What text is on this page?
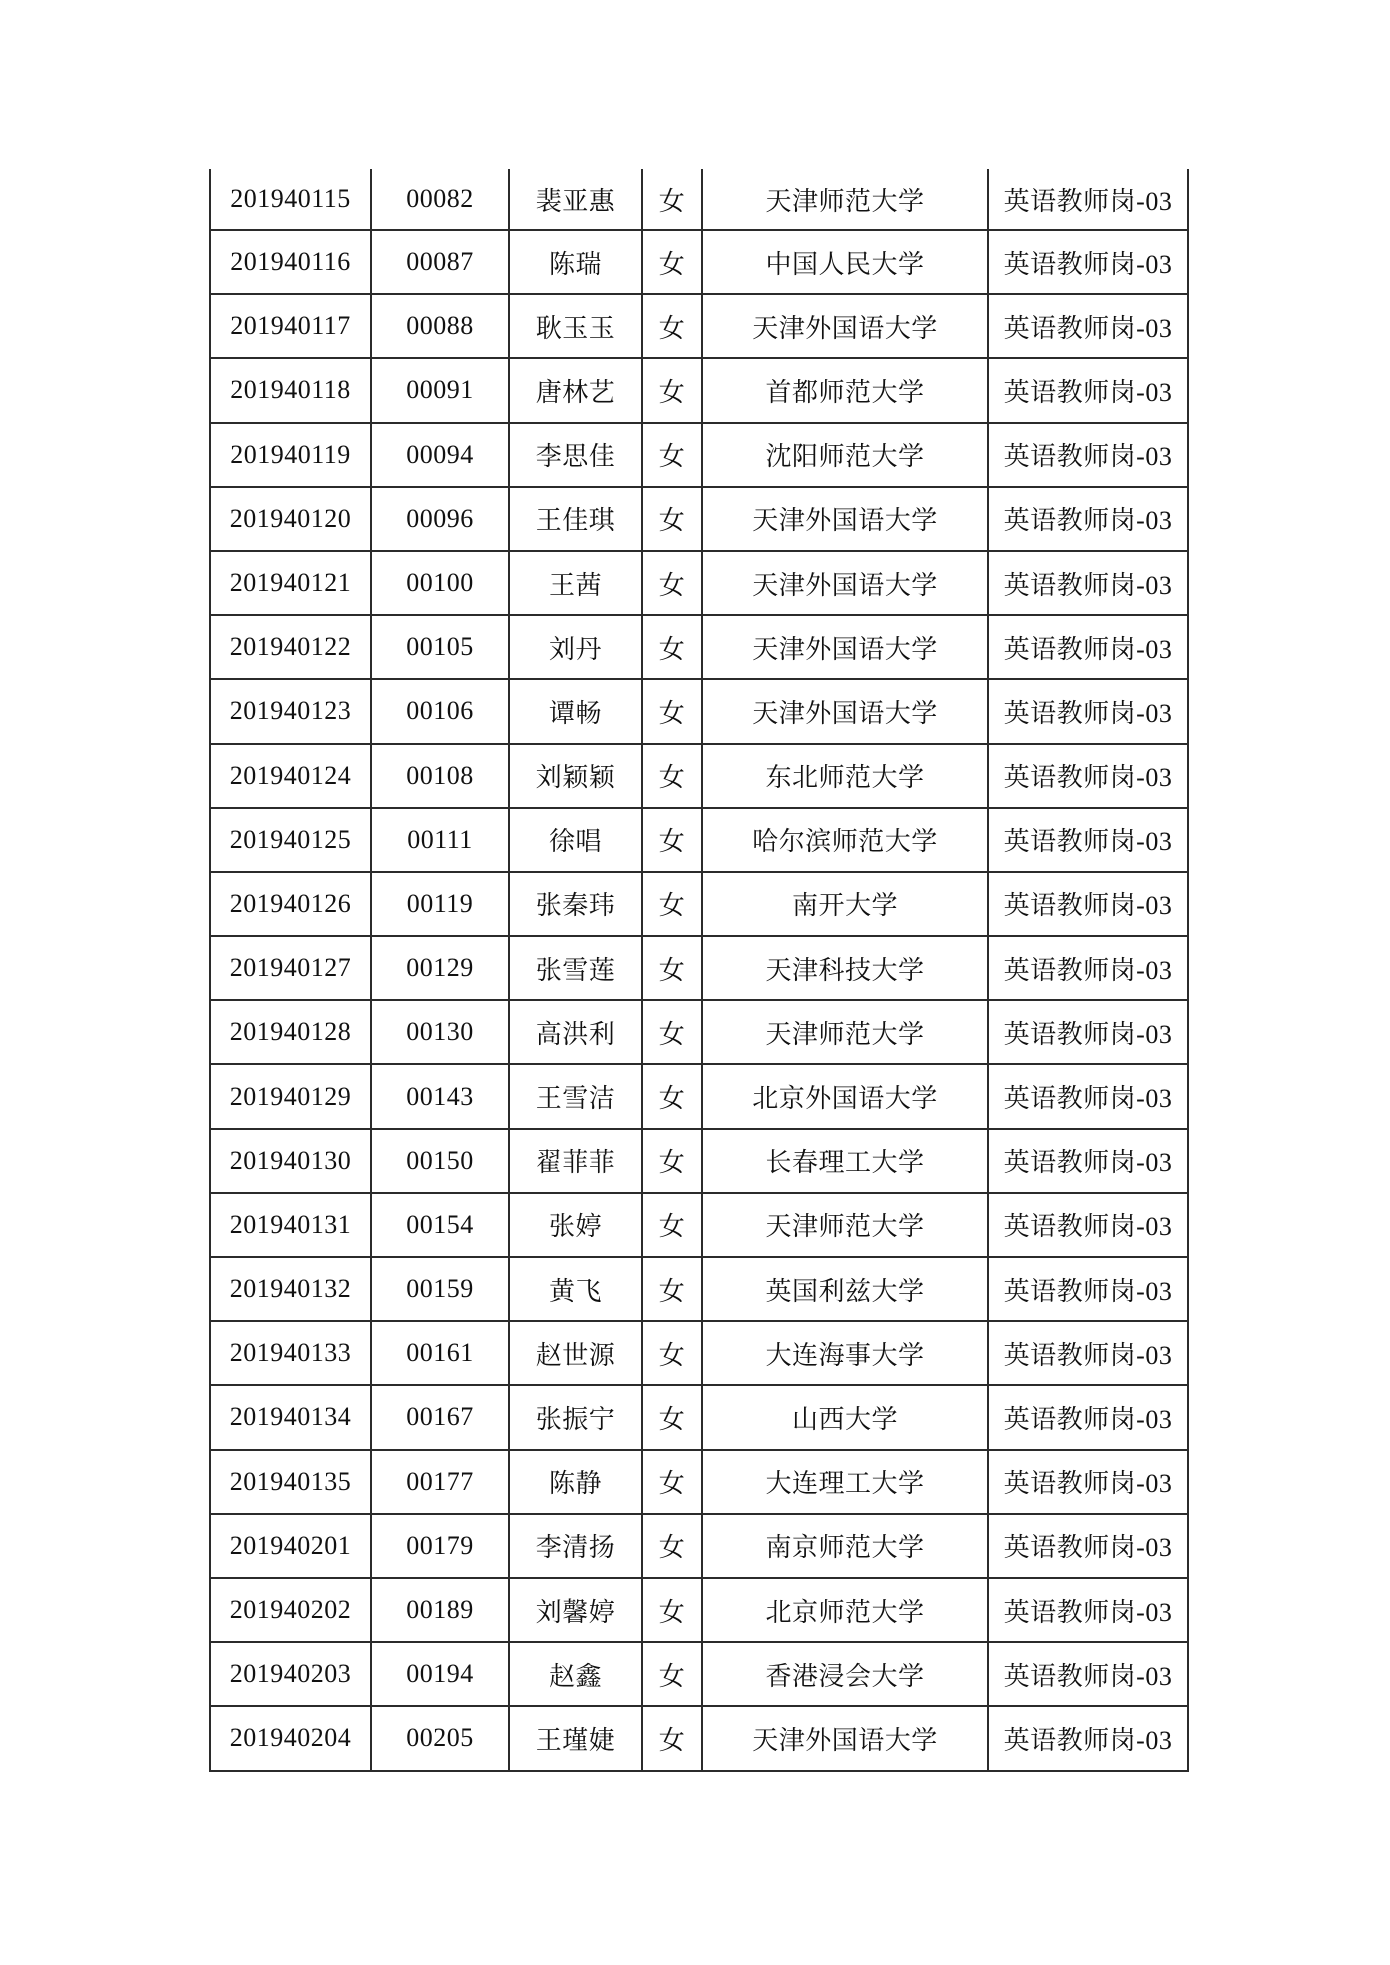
201940115	00082	裴亚惠	女	天津师范大学	英语教师岗-03
201940116	00087	陈瑞	女	中国人民大学	英语教师岗-03
201940117	00088	耿玉玉	女	天津外国语大学	英语教师岗-03
201940118	00091	唐林艺	女	首都师范大学	英语教师岗-03
201940119	00094	李思佳	女	沈阳师范大学	英语教师岗-03
201940120	00096	王佳琪	女	天津外国语大学	英语教师岗-03
201940121	00100	王茜	女	天津外国语大学	英语教师岗-03
201940122	00105	刘丹	女	天津外国语大学	英语教师岗-03
201940123	00106	谭畅	女	天津外国语大学	英语教师岗-03
201940124	00108	刘颖颖	女	东北师范大学	英语教师岗-03
201940125	00111	徐唱	女	哈尔滨师范大学	英语教师岗-03
201940126	00119	张秦玮	女	南开大学	英语教师岗-03
201940127	00129	张雪莲	女	天津科技大学	英语教师岗-03
201940128	00130	高洪利	女	天津师范大学	英语教师岗-03
201940129	00143	王雪洁	女	北京外国语大学	英语教师岗-03
201940130	00150	翟菲菲	女	长春理工大学	英语教师岗-03
201940131	00154	张婷	女	天津师范大学	英语教师岗-03
201940132	00159	黄飞	女	英国利兹大学	英语教师岗-03
201940133	00161	赵世源	女	大连海事大学	英语教师岗-03
201940134	00167	张振宁	女	山西大学	英语教师岗-03
201940135	00177	陈静	女	大连理工大学	英语教师岗-03
201940201	00179	李清扬	女	南京师范大学	英语教师岗-03
201940202	00189	刘馨婷	女	北京师范大学	英语教师岗-03
201940203	00194	赵鑫	女	香港浸会大学	英语教师岗-03
201940204	00205	王瑾婕	女	天津外国语大学	英语教师岗-03
